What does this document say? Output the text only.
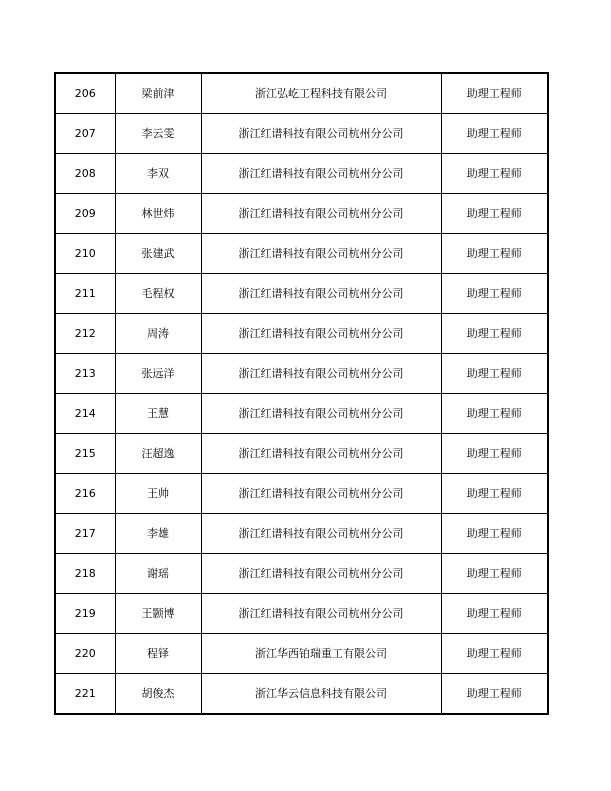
206	梁前津	浙江弘屹工程科技有限公司	助理工程师
207	李云雯	浙江红谱科技有限公司杭州分公司	助理工程师
208	李双	浙江红谱科技有限公司杭州分公司	助理工程师
209	林世炜	浙江红谱科技有限公司杭州分公司	助理工程师
210	张建武	浙江红谱科技有限公司杭州分公司	助理工程师
211	毛程权	浙江红谱科技有限公司杭州分公司	助理工程师
212	周涛	浙江红谱科技有限公司杭州分公司	助理工程师
213	张远洋	浙江红谱科技有限公司杭州分公司	助理工程师
214	王慧	浙江红谱科技有限公司杭州分公司	助理工程师
215	汪超逸	浙江红谱科技有限公司杭州分公司	助理工程师
216	王帅	浙江红谱科技有限公司杭州分公司	助理工程师
217	李雄	浙江红谱科技有限公司杭州分公司	助理工程师
218	谢瑶	浙江红谱科技有限公司杭州分公司	助理工程师
219	王颢博	浙江红谱科技有限公司杭州分公司	助理工程师
220	程铎	浙江华西铂瑞重工有限公司	助理工程师
221	胡俊杰	浙江华云信息科技有限公司	助理工程师
